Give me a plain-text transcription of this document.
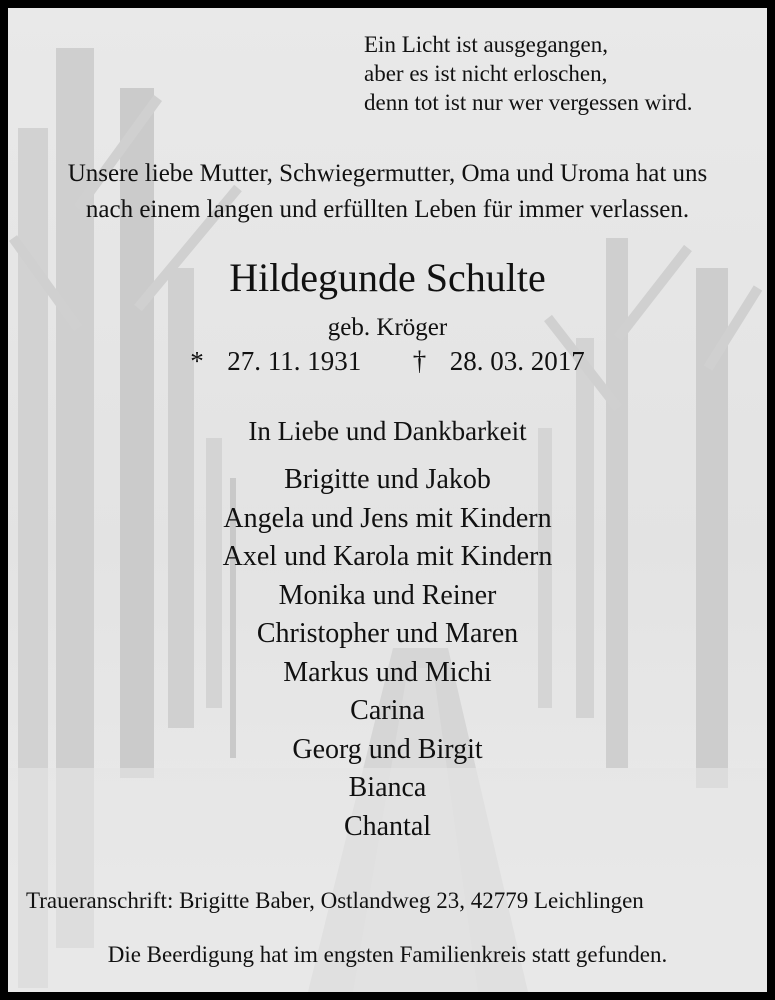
Ein Licht ist ausgegangen,
aber es ist nicht erloschen,
denn tot ist nur wer vergessen wird.
Unsere liebe Mutter, Schwiegermutter, Oma und Uroma hat uns
nach einem langen und erfüllten Leben für immer verlassen.
Hildegunde Schulte
geb. Kröger
* 27. 11. 1931 † 28. 03. 2017
In Liebe und Dankbarkeit
Brigitte und Jakob
Angela und Jens mit Kindern
Axel und Karola mit Kindern
Monika und Reiner
Christopher und Maren
Markus und Michi
Carina
Georg und Birgit
Bianca
Chantal
Traueranschrift: Brigitte Baber, Ostlandweg 23, 42779 Leichlingen
Die Beerdigung hat im engsten Familienkreis statt gefunden.
